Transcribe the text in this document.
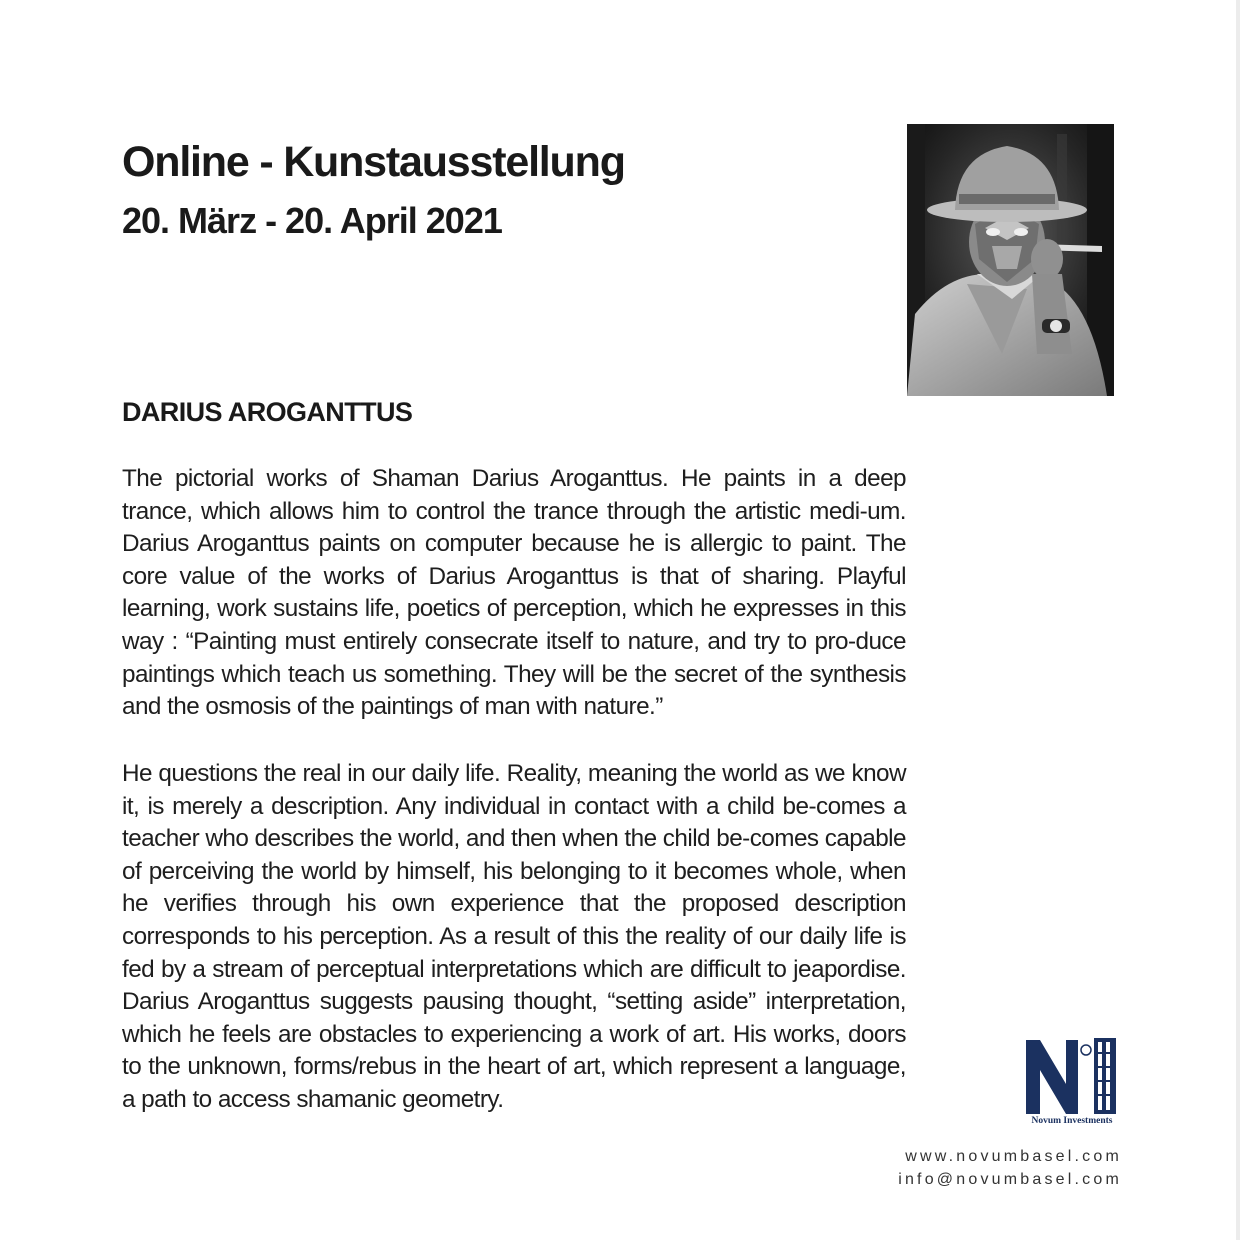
Online - Kunstausstellung
20. März - 20. April 2021
DARIUS AROGANTTUS

The pictorial works of Shaman Darius Aroganttus. He paints in a deep trance, which allows him to control the trance through the artistic medi-um. Darius Aroganttus paints on computer because he is allergic to paint. The core value of the works of Darius Aroganttus is that of sharing. Playful learning, work sustains life, poetics of perception, which he expresses in this way : “Painting must entirely consecrate itself to nature, and try to pro-duce paintings which teach us something. They will be the secret of the synthesis and the osmosis of the paintings of man with nature.”

He questions the real in our daily life. Reality, meaning the world as we know it, is merely a description. Any individual in contact with a child be-comes a teacher who describes the world, and then when the child be-comes capable of perceiving the world by himself, his belonging to it becomes whole, when he verifies through his own experience that the proposed description corresponds to his perception. As a result of this the reality of our daily life is fed by a stream of perceptual interpretations which are difficult to jeapordise. Darius Aroganttus suggests pausing thought, “setting aside” interpretation, which he feels are obstacles to experiencing a work of art. His works, doors to the unknown, forms/rebus in the heart of art, which represent a language, a path to access shamanic geometry.

Novum Investments

www.novumbasel.com

info@novumbasel.com
